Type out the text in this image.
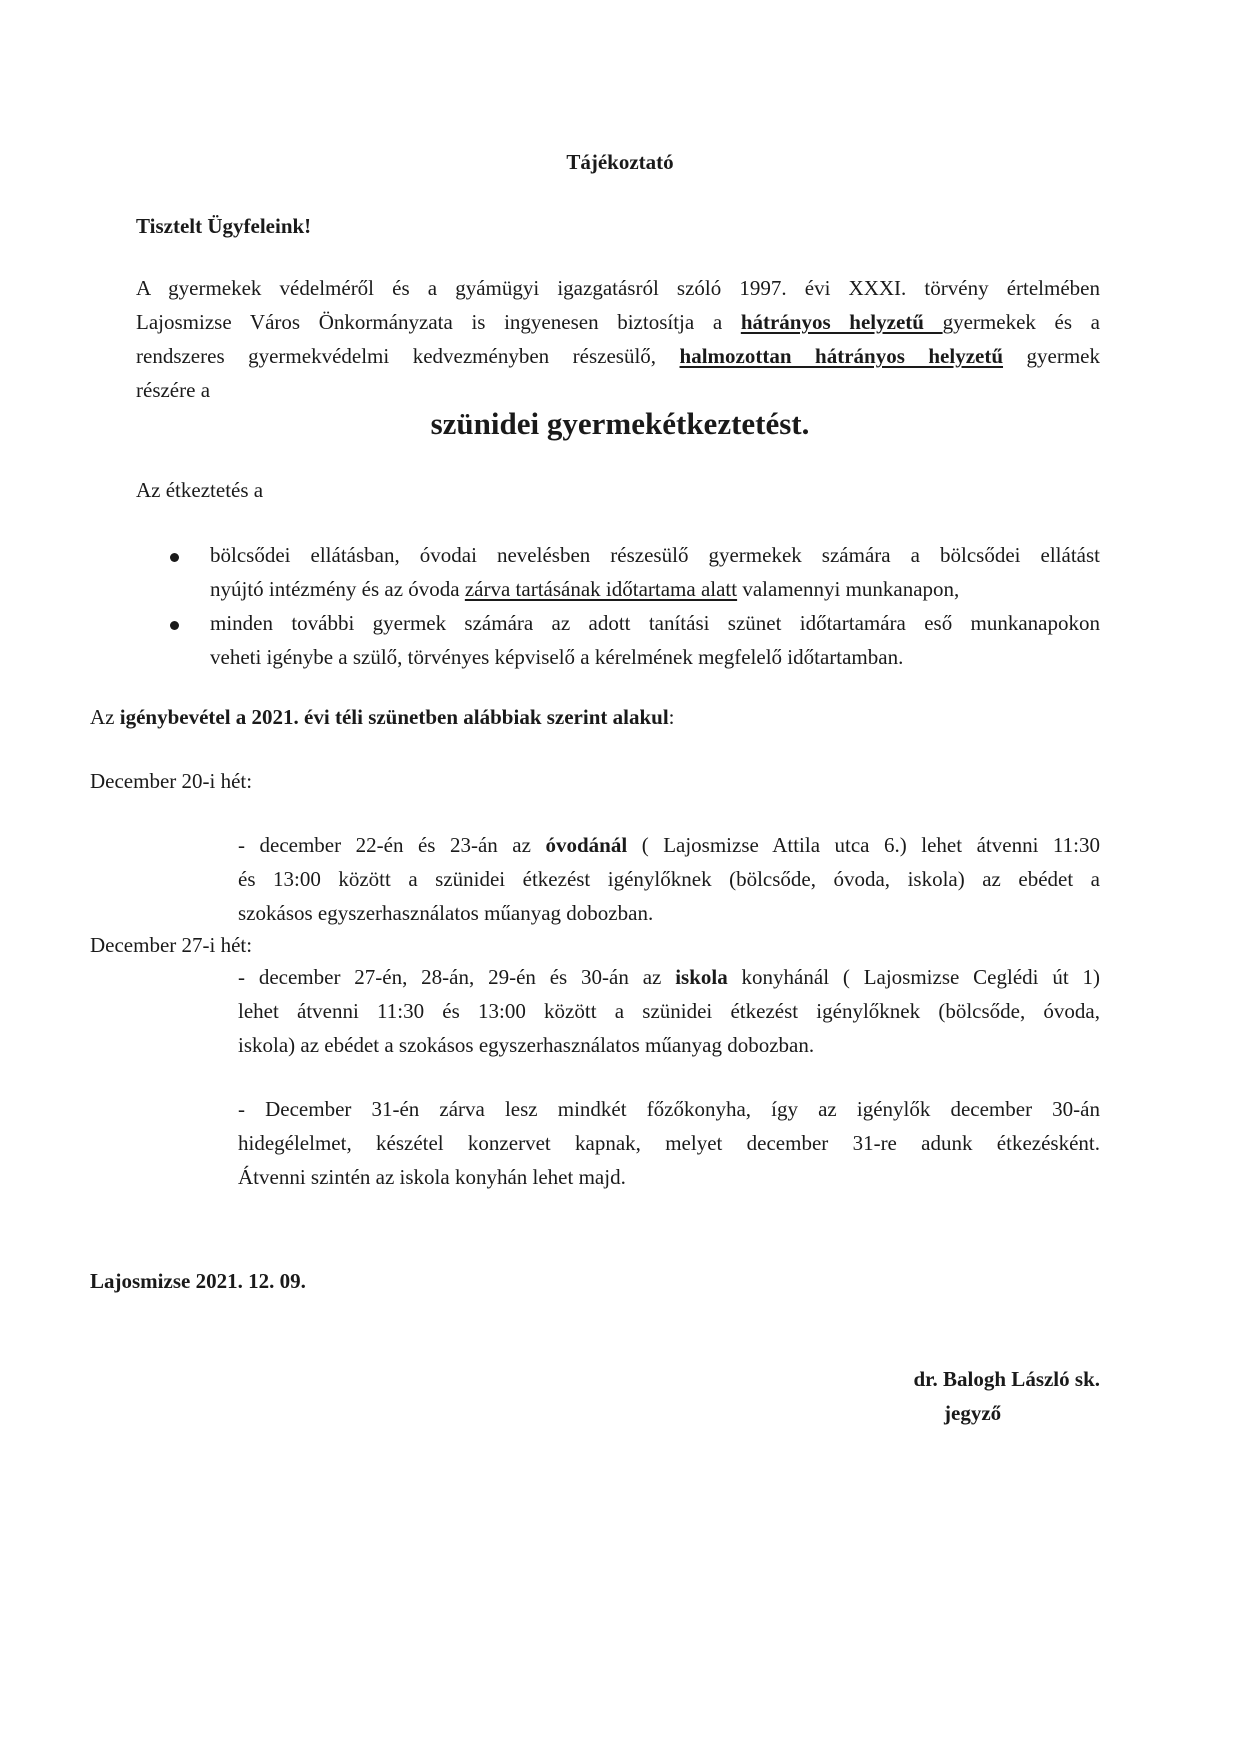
Tájékoztató
Tisztelt Ügyfeleink!
A gyermekek védelméről és a gyámügyi igazgatásról szóló 1997. évi XXXI. törvény értelmében
Lajosmizse Város Önkormányzata is ingyenesen biztosítja a hátrányos helyzetű gyermekek és a
rendszeres gyermekvédelmi kedvezményben részesülő, halmozottan hátrányos helyzetű gyermek
részére a
szünidei gyermekétkeztetést.
Az étkeztetés a
bölcsődei ellátásban, óvodai nevelésben részesülő gyermekek számára a bölcsődei ellátást
nyújtó intézmény és az óvoda zárva tartásának időtartama alatt valamennyi munkanapon,
minden további gyermek számára az adott tanítási szünet időtartamára eső munkanapokon
veheti igénybe a szülő, törvényes képviselő a kérelmének megfelelő időtartamban.
Az igénybevétel a 2021. évi téli szünetben alábbiak szerint alakul:
December 20-i hét:
- december 22-én és 23-án az óvodánál ( Lajosmizse Attila utca 6.) lehet átvenni 11:30
és 13:00 között a szünidei étkezést igénylőknek (bölcsőde, óvoda, iskola) az ebédet a
szokásos egyszerhasználatos műanyag dobozban.
December 27-i hét:
- december 27-én, 28-án, 29-én és 30-án az iskola konyhánál ( Lajosmizse Ceglédi út 1)
lehet átvenni 11:30 és 13:00 között a szünidei étkezést igénylőknek (bölcsőde, óvoda,
iskola) az ebédet a szokásos egyszerhasználatos műanyag dobozban.
- December 31-én zárva lesz mindkét főzőkonyha, így az igénylők december 30-án
hidegélelmet, készétel konzervet kapnak, melyet december 31-re adunk étkezésként.
Átvenni szintén az iskola konyhán lehet majd.
Lajosmizse 2021. 12. 09.
dr. Balogh László sk.
jegyző
